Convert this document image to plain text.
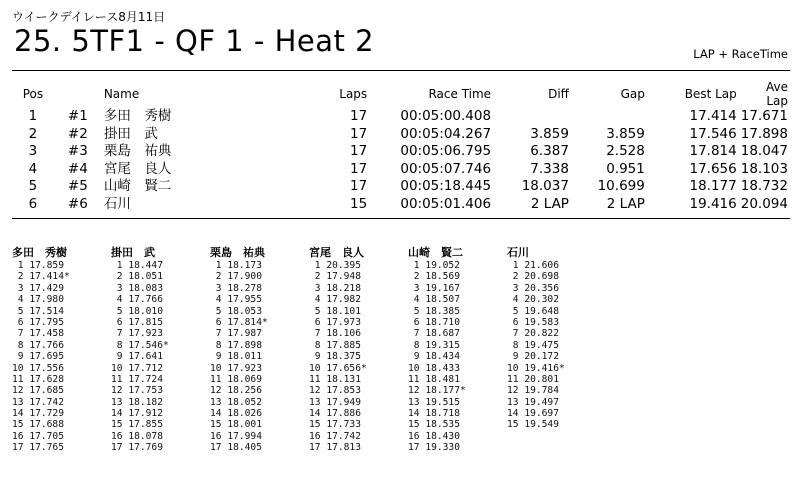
ウイークデイレース8月11日
25. 5TF1 - QF 1 - Heat 2	LAP + RaceTime
Pos		Name	Laps	Race Time	Diff	Gap	Best Lap	Ave Lap
1	#1	多田　秀樹	17	00:05:00.408			17.414	17.671
2	#2	掛田　武	17	00:05:04.267	3.859	3.859	17.546	17.898
3	#3	栗島　祐典	17	00:05:06.795	6.387	2.528	17.814	18.047
4	#4	宮尾　良人	17	00:05:07.746	7.338	0.951	17.656	18.103
5	#5	山崎　賢二	17	00:05:18.445	18.037	10.699	18.177	18.732
6	#6	石川	15	00:05:01.406	2 LAP	2 LAP	19.416	20.094
多田　秀樹
1 17.859
2 17.414*
3 17.429
4 17.980
5 17.514
6 17.795
7 17.458
8 17.766
9 17.695
10 17.556
11 17.628
12 17.685
13 17.742
14 17.729
15 17.688
16 17.705
17 17.765
掛田　武
1 18.447
2 18.051
3 18.083
4 17.766
5 18.010
6 17.815
7 17.923
8 17.546*
9 17.641
10 17.712
11 17.724
12 17.753
13 18.182
14 17.912
15 17.855
16 18.078
17 17.769
栗島　祐典
1 18.173
2 17.900
3 18.278
4 17.955
5 18.053
6 17.814*
7 17.987
8 17.898
9 18.011
10 17.923
11 18.069
12 18.256
13 18.052
14 18.026
15 18.001
16 17.994
17 18.405
宮尾　良人
1 20.395
2 17.948
3 18.218
4 17.982
5 18.101
6 17.973
7 18.106
8 17.885
9 18.375
10 17.656*
11 18.131
12 17.853
13 17.949
14 17.886
15 17.733
16 17.742
17 17.813
山崎　賢二
1 19.052
2 18.569
3 19.167
4 18.507
5 18.385
6 18.710
7 18.687
8 19.315
9 18.434
10 18.433
11 18.481
12 18.177*
13 19.515
14 18.718
15 18.535
16 18.430
17 19.330
石川
1 21.606
2 20.698
3 20.356
4 20.302
5 19.648
6 19.583
7 20.822
8 19.475
9 20.172
10 19.416*
11 20.801
12 19.784
13 19.497
14 19.697
15 19.549
